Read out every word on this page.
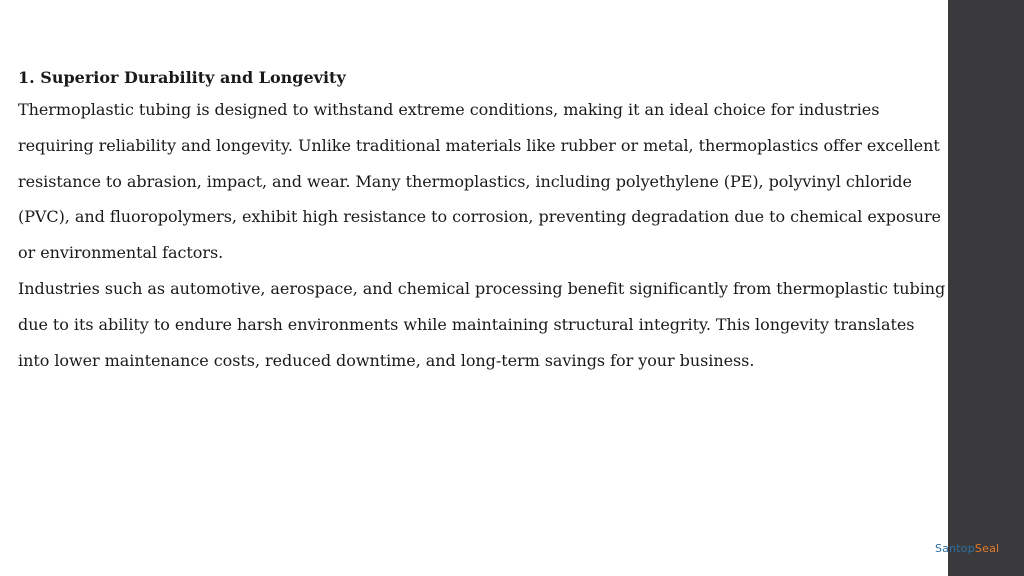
1. Superior Durability and Longevity

Thermoplastic tubing is designed to withstand extreme conditions, making it an ideal choice for industries requiring reliability and longevity. Unlike traditional materials like rubber or metal, thermoplastics offer excellent resistance to abrasion, impact, and wear. Many thermoplastics, including polyethylene (PE), polyvinyl chloride (PVC), and fluoropolymers, exhibit high resistance to corrosion, preventing degradation due to chemical exposure or environmental factors.

Industries such as automotive, aerospace, and chemical processing benefit significantly from thermoplastic tubing due to its ability to endure harsh environments while maintaining structural integrity. This longevity translates into lower maintenance costs, reduced downtime, and long-term savings for your business.

Santop Seal
